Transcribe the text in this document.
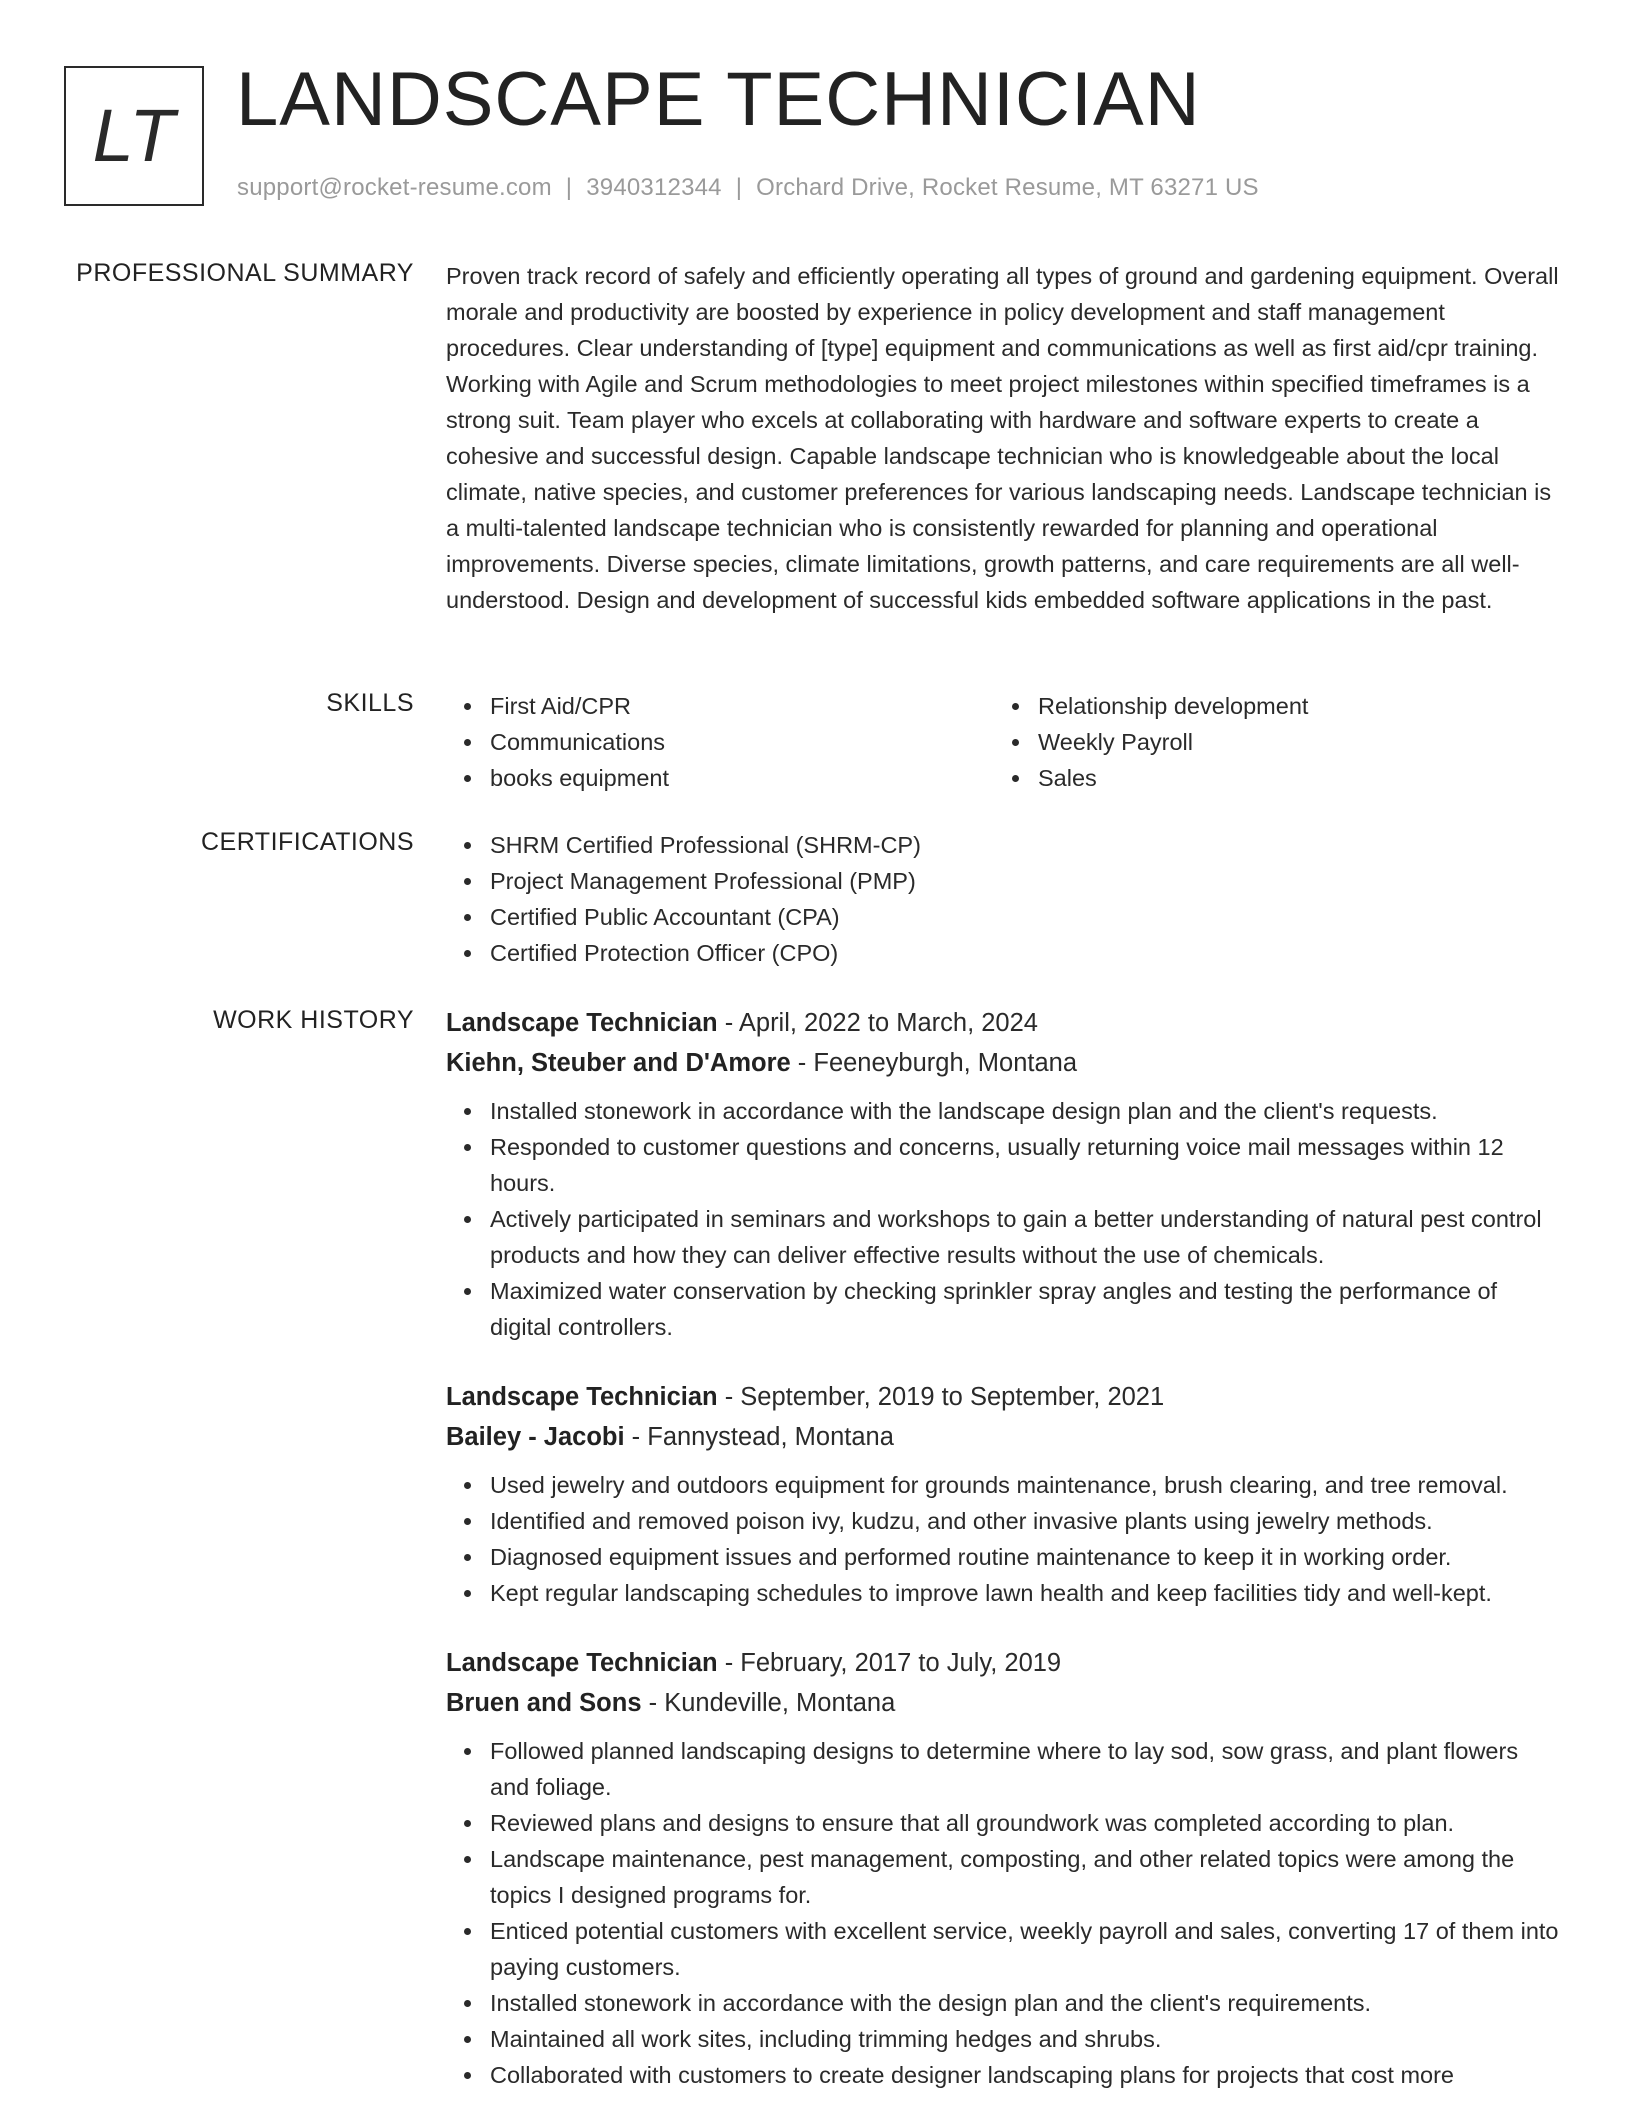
LT LANDSCAPE TECHNICIAN
support@rocket-resume.com | 3940312344 | Orchard Drive, Rocket Resume, MT 63271 US
PROFESSIONAL SUMMARY Proven track record of safely and efficiently operating all types of ground and gardening equipment. Overall morale and productivity are boosted by experience in policy development and staff management procedures. Clear understanding of [type] equipment and communications as well as first aid/cpr training. Working with Agile and Scrum methodologies to meet project milestones within specified timeframes is a strong suit. Team player who excels at collaborating with hardware and software experts to create a cohesive and successful design. Capable landscape technician who is knowledgeable about the local climate, native species, and customer preferences for various landscaping needs. Landscape technician is a multi-talented landscape technician who is consistently rewarded for planning and operational improvements. Diverse species, climate limitations, growth patterns, and care requirements are all well-understood. Design and development of successful kids embedded software applications in the past.

SKILLS	First Aid/CPR
Communications
books equipment
Relationship development
Weekly Payroll
Sales
CERTIFICATIONS	SHRM Certified Professional (SHRM-CP)
Project Management Professional (PMP)
Certified Public Accountant (CPA)
Certified Protection Officer (CPO)
WORK HISTORY Landscape Technician - April, 2022 to March, 2024
Kiehn, Steuber and D'Amore - Feeneyburgh, Montana
Installed stonework in accordance with the landscape design plan and the client's requests.
Responded to customer questions and concerns, usually returning voice mail messages within 12 hours.
Actively participated in seminars and workshops to gain a better understanding of natural pest control products and how they can deliver effective results without the use of chemicals.
Maximized water conservation by checking sprinkler spray angles and testing the performance of digital controllers.
Landscape Technician - September, 2019 to September, 2021
Bailey - Jacobi - Fannystead, Montana
Used jewelry and outdoors equipment for grounds maintenance, brush clearing, and tree removal.
Identified and removed poison ivy, kudzu, and other invasive plants using jewelry methods.
Diagnosed equipment issues and performed routine maintenance to keep it in working order.
Kept regular landscaping schedules to improve lawn health and keep facilities tidy and well-kept.
Landscape Technician - February, 2017 to July, 2019
Bruen and Sons - Kundeville, Montana
Followed planned landscaping designs to determine where to lay sod, sow grass, and plant flowers and foliage.
Reviewed plans and designs to ensure that all groundwork was completed according to plan.
Landscape maintenance, pest management, composting, and other related topics were among the topics I designed programs for.
Enticed potential customers with excellent service, weekly payroll and sales, converting 17 of them into paying customers.
Installed stonework in accordance with the design plan and the client's requirements.
Maintained all work sites, including trimming hedges and shrubs.
Collaborated with customers to create designer landscaping plans for projects that cost more
